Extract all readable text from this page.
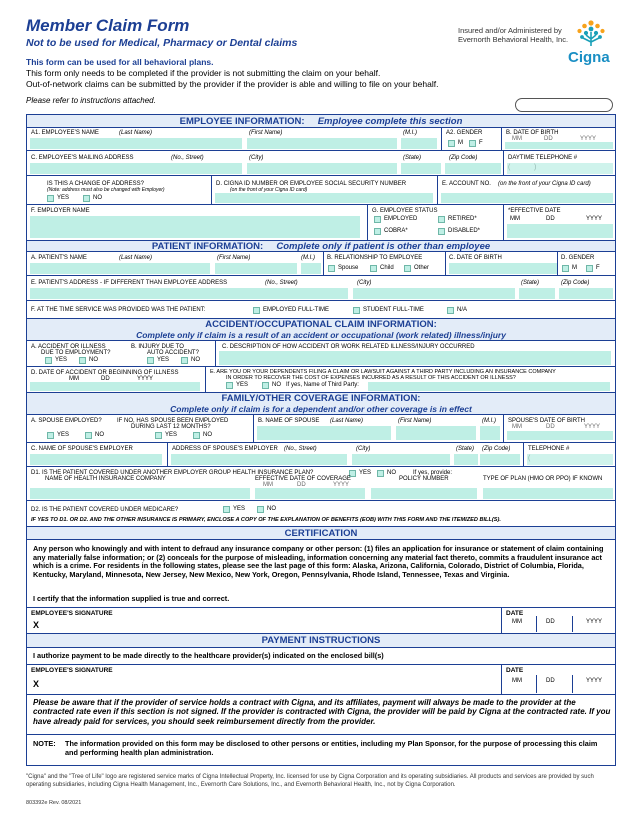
Member Claim Form
Not to be used for Medical, Pharmacy or Dental claims
Insured and/or Administered by
Evernorth Behavioral Health, Inc.
Cigna
This form can be used for all behavioral plans.
This form only needs to be completed if the provider is not submitting the claim on your behalf.
Out-of-network claims can be submitted by the provider if the provider is able and willing to file on your behalf.
Please refer to instructions attached.
EMPLOYEE INFORMATION: Employee complete this section
A1. EMPLOYEE'S NAME	(Last Name)	(First Name)	(M.I.)	A2. GENDER
M	F
B. DATE OF BIRTH
MM	DD	YYYY
C. EMPLOYEE'S MAILING ADDRESS	(No., Street)	(City)	(State)	(Zip Code)	DAYTIME TELEPHONE #
IS THIS A CHANGE OF ADDRESS?
(Note: address must also be changed with Employer)
YES	NO
D. CIGNA ID NUMBER OR EMPLOYEE SOCIAL SECURITY NUMBER
(on the front of your Cigna ID card)
E. ACCOUNT NO. (on the front of your Cigna ID card)
F. EMPLOYER NAME	G. EMPLOYEE STATUS
EMPLOYED	RETIRED*
COBRA*	DISABLED*
*EFFECTIVE DATE
MM	DD	YYYY
PATIENT INFORMATION: Complete only if patient is other than employee
A. PATIENT'S NAME	(Last Name)	(First Name)	(M.I.) B. RELATIONSHIP TO EMPLOYEE
Spouse	Child	Other
C. DATE OF BIRTH	D. GENDER
M	F
E. PATIENT'S ADDRESS - IF DIFFERENT THAN EMPLOYEE ADDRESS	(No., Street)	(City)	(State)	(Zip Code)
F. AT THE TIME SERVICE WAS PROVIDED WAS THE PATIENT:	EMPLOYED FULL-TIME	STUDENT FULL-TIME	N/A
ACCIDENT/OCCUPATIONAL CLAIM INFORMATION:
Complete only if claim is a result of an accident or occupational (work related) illness/injury
A. ACCIDENT OR ILLNESS
DUE TO EMPLOYMENT?
YES	NO
B. INJURY DUE TO
AUTO ACCIDENT?
YES	NO
C. DESCRIPTION OF HOW ACCIDENT OR WORK RELATED ILLNESS/INJURY OCCURRED
D. DATE OF ACCIDENT OR BEGINNING OF ILLNESS
MM	DD	YYYY
E. ARE YOU OR YOUR DEPENDENTS FILING A CLAIM OR LAWSUIT AGAINST A THIRD PARTY INCLUDING AN INSURANCE COMPANY
IN ORDER TO RECOVER THE COST OF EXPENSES INCURRED AS A RESULT OF THIS ACCIDENT OR ILLNESS?
YES	NO If yes, Name of Third Party:
FAMILY/OTHER COVERAGE INFORMATION:
Complete only if claim is for a dependent and/or other coverage is in effect
A. SPOUSE EMPLOYED?	IF NO, HAS SPOUSE BEEN EMPLOYED
DURING LAST 12 MONTHS?
YES	NO	YES	NO
B. NAME OF SPOUSE (Last Name)	(First Name)	(M.I.) SPOUSE'S DATE OF BIRTH
MM	DD	YYYY
C. NAME OF SPOUSE'S EMPLOYER	ADDRESS OF SPOUSE'S EMPLOYER (No., Street)	(City)	(State) (Zip Code)	TELEPHONE #
D1. IS THE PATIENT COVERED UNDER ANOTHER EMPLOYER GROUP HEALTH INSURANCE PLAN?	YES	NO	If yes, provide:
NAME OF HEALTH INSURANCE COMPANY	EFFECTIVE DATE OF COVERAGE
MM	DD	YYYY
POLICY NUMBER	TYPE OF PLAN (HMO OR PPO) IF KNOWN
D2. IS THE PATIENT COVERED UNDER MEDICARE?	YES	NO
IF YES TO D1. OR D2. AND THE OTHER INSURANCE IS PRIMARY, ENCLOSE A COPY OF THE EXPLANATION OF BENEFITS (EOB) WITH THIS FORM AND THE ITEMIZED BILL(S).
CERTIFICATION
Any person who knowingly and with intent to defraud any insurance company or other person: (1) files an application for insurance or statement of claim containing any materially false information; or (2) conceals for the purpose of misleading, information concerning any material fact thereto, commits a fraudulent insurance act which is a crime. For residents in the following states, please see the last page of this form: Alaska, Arizona, California, Colorado, District of Columbia, Florida, Kentucky, Maryland, Minnesota, New Jersey, New Mexico, New York, Oregon, Pennsylvania, Rhode Island, Tennessee, Texas and Virginia.
I certify that the information supplied is true and correct.
EMPLOYEE'S SIGNATURE
X
DATE
MM	DD	YYYY
PAYMENT INSTRUCTIONS
I authorize payment to be made directly to the healthcare provider(s) indicated on the enclosed bill(s)
EMPLOYEE'S SIGNATURE
X
DATE
MM	DD	YYYY
Please be aware that if the provider of service holds a contract with Cigna, and its affiliates, payment will always be made to the provider at the contracted rate even if this section is not signed. If the provider is contracted with Cigna, the provider will be paid by Cigna at the contracted rate. If you have already paid for services, you should seek reimbursement directly from the provider.
NOTE:	The information provided on this form may be disclosed to other persons or entities, including my Plan Sponsor, for the purpose of processing this claim and performing health plan administration.
"Cigna" and the "Tree of Life" logo are registered service marks of Cigna Intellectual Property, Inc. licensed for use by Cigna Corporation and its operating subsidiaries. All products and services are provided by such operating subsidiaries, including Cigna Health Management, Inc., Evernorth Care Solutions, Inc., and Evernorth Behavioral Health, Inc., not by Cigna Corporation.
803392e Rev. 08/2021
